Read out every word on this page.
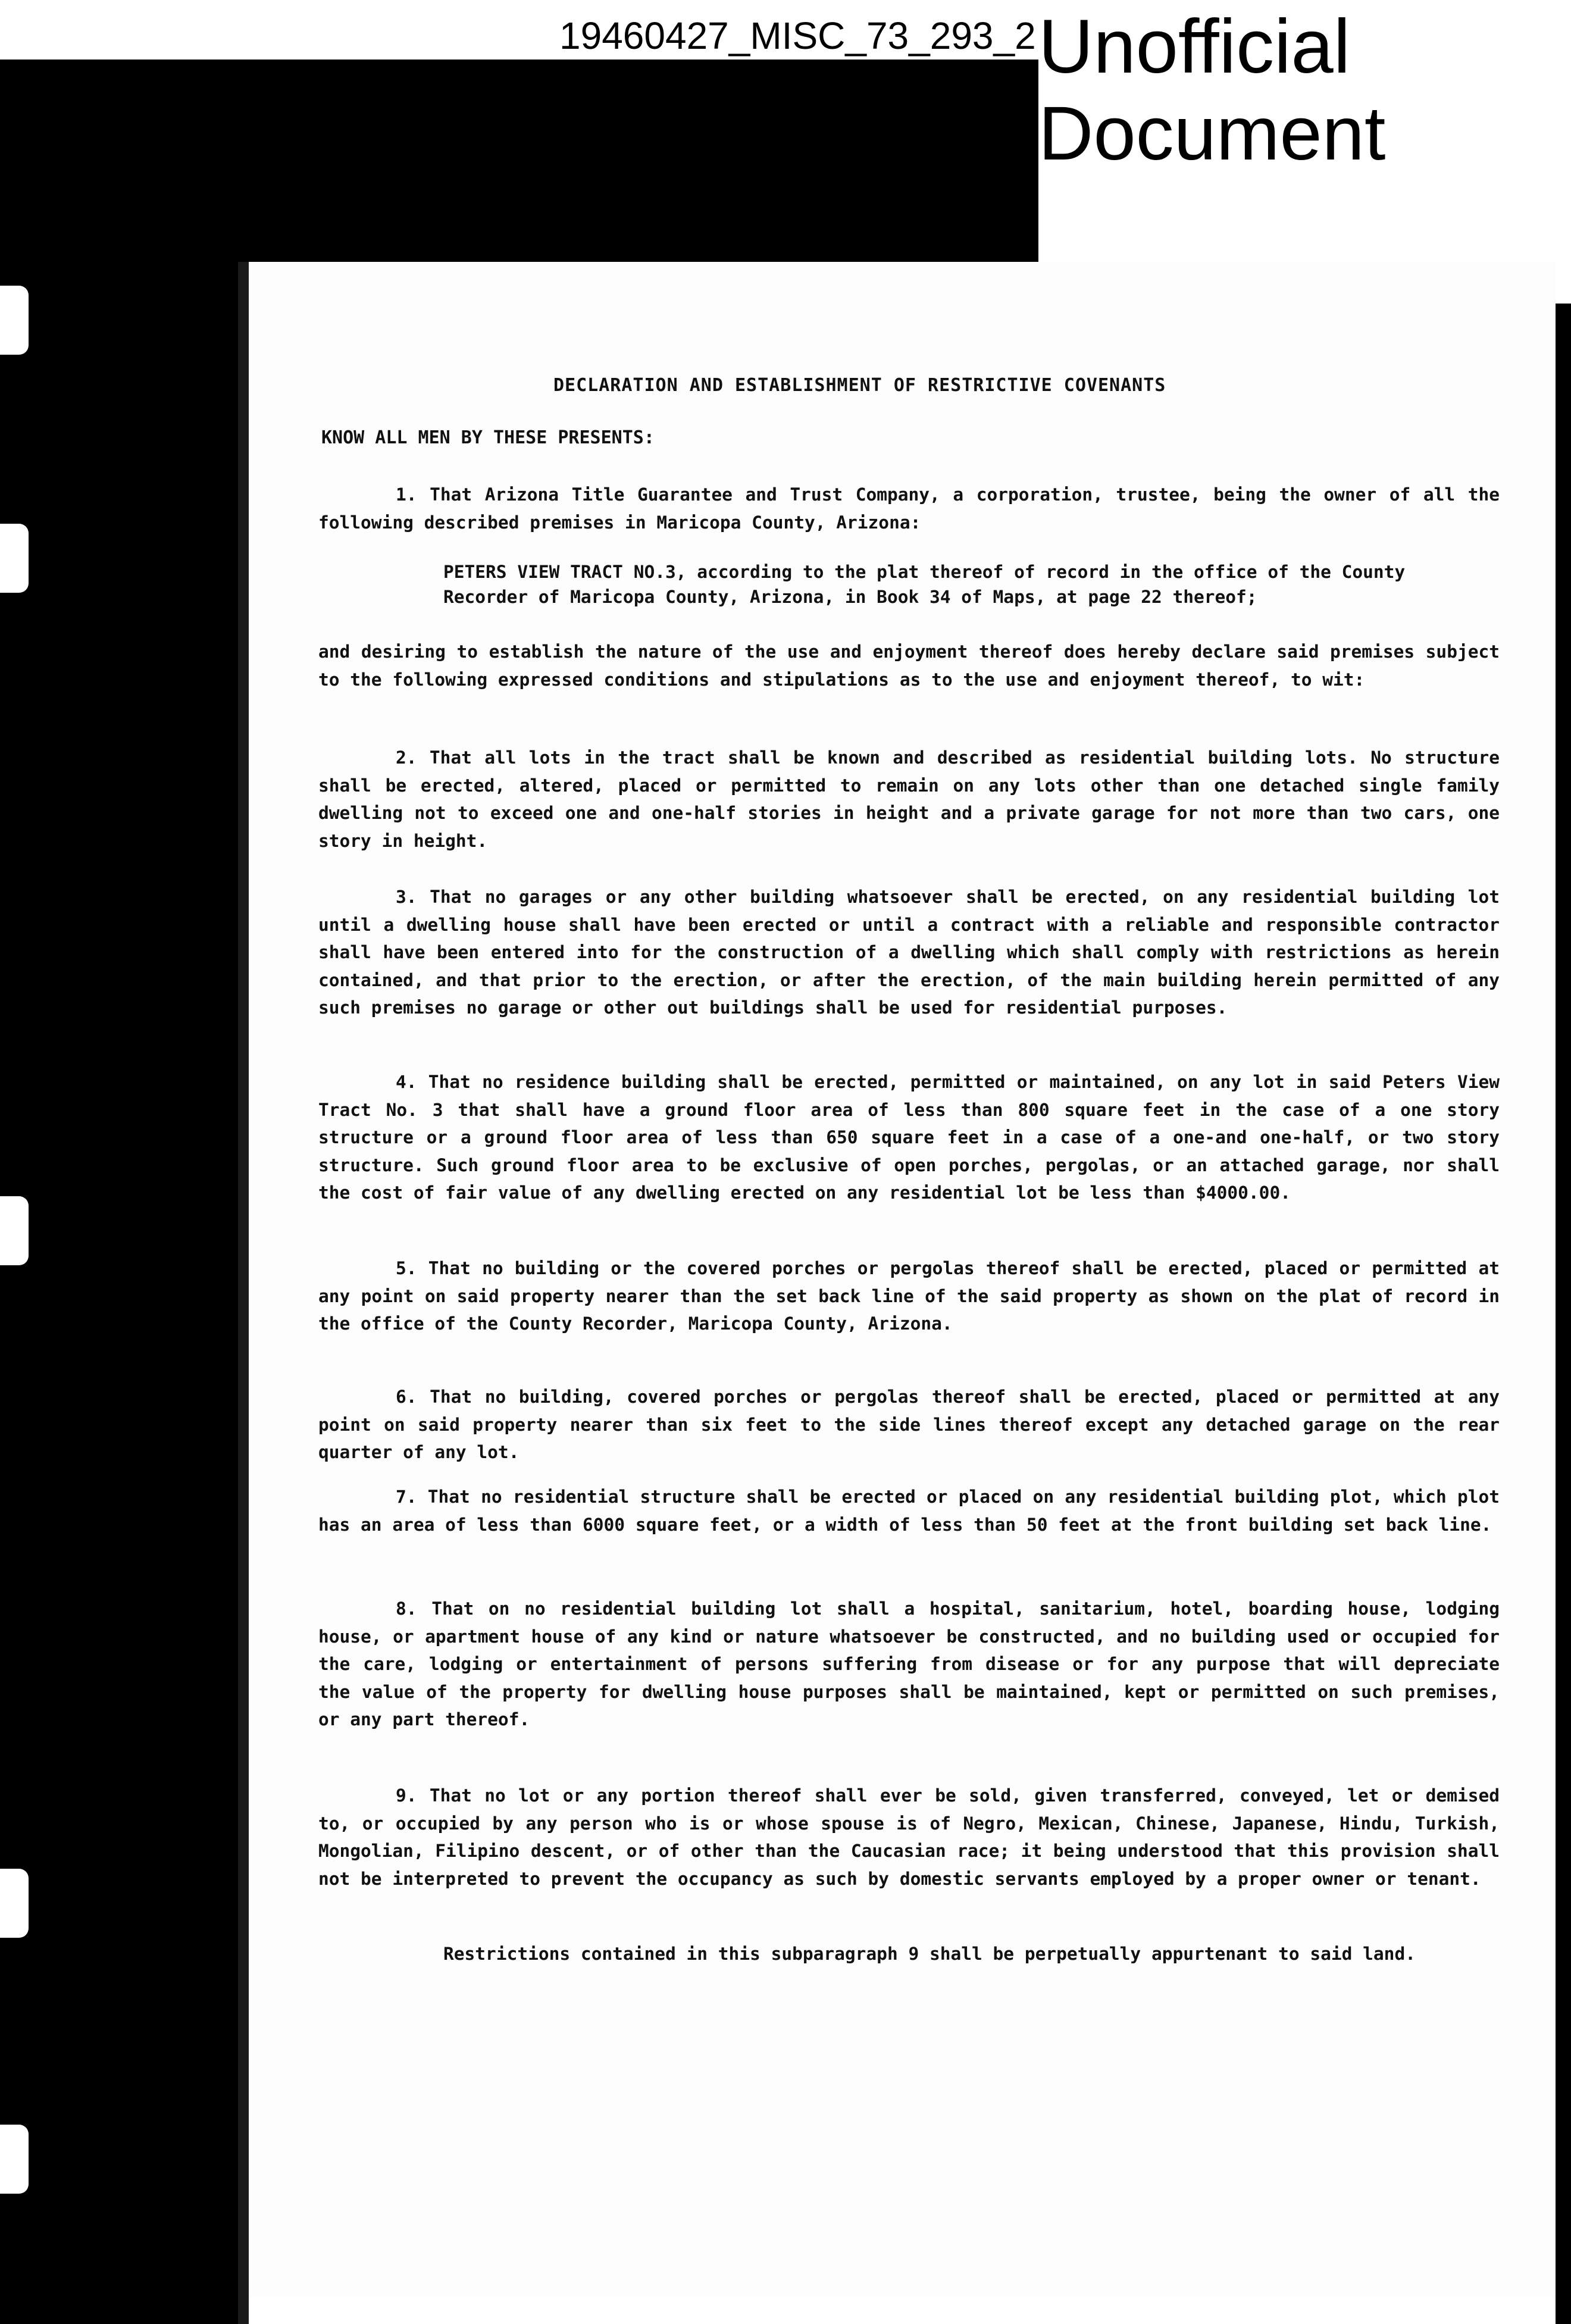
19460427_MISC_73_293_2 Unofficial
Document
DECLARATION AND ESTABLISHMENT OF RESTRICTIVE COVENANTS
KNOW ALL MEN BY THESE PRESENTS:
1. That Arizona Title Guarantee and Trust Company, a corporation, trustee, being the owner of all the following described premises in Maricopa County, Arizona:
PETERS VIEW TRACT NO.3, according to the plat thereof of record in the office of the County Recorder of Maricopa County, Arizona, in Book 34 of Maps, at page 22 thereof;
and desiring to establish the nature of the use and enjoyment thereof does hereby declare said premises subject to the following expressed conditions and stipulations as to the use and enjoyment thereof, to wit:
2. That all lots in the tract shall be known and described as residential building lots. No structure shall be erected, altered, placed or permitted to remain on any lots other than one detached single family dwelling not to exceed one and one-half stories in height and a private garage for not more than two cars, one story in height.
3. That no garages or any other building whatsoever shall be erected, on any residential building lot until a dwelling house shall have been erected or until a contract with a reliable and responsible contractor shall have been entered into for the construction of a dwelling which shall comply with restrictions as herein contained, and that prior to the erection, or after the erection, of the main building herein permitted of any such premises no garage or other out buildings shall be used for residential purposes.
4. That no residence building shall be erected, permitted or maintained, on any lot in said Peters View Tract No. 3 that shall have a ground floor area of less than 800 square feet in the case of a one story structure or a ground floor area of less than 650 square feet in a case of a one-and one-half, or two story structure. Such ground floor area to be exclusive of open porches, pergolas, or an attached garage, nor shall the cost of fair value of any dwelling erected on any residential lot be less than $4000.00.
5. That no building or the covered porches or pergolas thereof shall be erected, placed or permitted at any point on said property nearer than the set back line of the said property as shown on the plat of record in the office of the County Recorder, Maricopa County, Arizona.
6. That no building, covered porches or pergolas thereof shall be erected, placed or permitted at any point on said property nearer than six feet to the side lines thereof except any detached garage on the rear quarter of any lot.
7. That no residential structure shall be erected or placed on any residential building plot, which plot has an area of less than 6000 square feet, or a width of less than 50 feet at the front building set back line.
8. That on no residential building lot shall a hospital, sanitarium, hotel, boarding house, lodging house, or apartment house of any kind or nature whatsoever be constructed, and no building used or occupied for the care, lodging or entertainment of persons suffering from disease or for any purpose that will depreciate the value of the property for dwelling house purposes shall be maintained, kept or permitted on such premises, or any part thereof.
9. That no lot or any portion thereof shall ever be sold, given transferred, conveyed, let or demised to, or occupied by any person who is or whose spouse is of Negro, Mexican, Chinese, Japanese, Hindu, Turkish, Mongolian, Filipino descent, or of other than the Caucasian race; it being understood that this provision shall not be interpreted to prevent the occupancy as such by domestic servants employed by a proper owner or tenant.
Restrictions contained in this subparagraph 9 shall be perpetually appurtenant to said land.
